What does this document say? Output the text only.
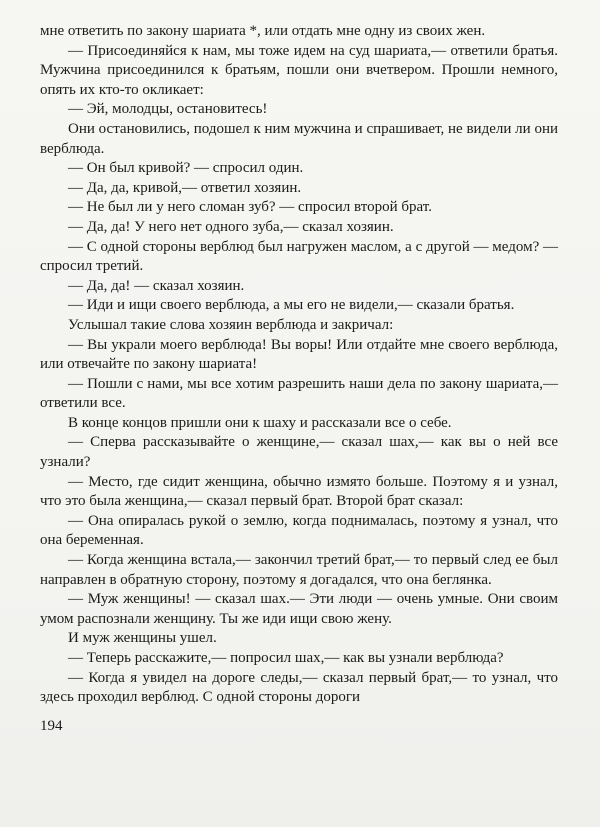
мне ответить по закону шариата *, или отдать мне одну из своих жен.

— Присоединяйся к нам, мы тоже идем на суд шариата,— ответили братья. Мужчина присоединился к братьям, пошли они вчетвером. Прошли немного, опять их кто-то окликает:

— Эй, молодцы, остановитесь!

Они остановились, подошел к ним мужчина и спрашивает, не видели ли они верблюда.

— Он был кривой? — спросил один.

— Да, да, кривой,— ответил хозяин.

— Не был ли у него сломан зуб? — спросил второй брат.

— Да, да! У него нет одного зуба,— сказал хозяин.

— С одной стороны верблюд был нагружен маслом, а с другой — медом? — спросил третий.

— Да, да! — сказал хозяин.

— Иди и ищи своего верблюда, а мы его не видели,— сказали братья.

Услышал такие слова хозяин верблюда и закричал:

— Вы украли моего верблюда! Вы воры! Или отдайте мне своего верблюда, или отвечайте по закону шариата!

— Пошли с нами, мы все хотим разрешить наши дела по закону шариата,— ответили все.

В конце концов пришли они к шаху и рассказали все о себе.

— Сперва рассказывайте о женщине,— сказал шах,— как вы о ней все узнали?

— Место, где сидит женщина, обычно измято больше. Поэтому я и узнал, что это была женщина,— сказал первый брат. Второй брат сказал:

— Она опиралась рукой о землю, когда поднималась, поэтому я узнал, что она беременная.

— Когда женщина встала,— закончил третий брат,— то первый след ее был направлен в обратную сторону, поэтому я догадался, что она беглянка.

— Муж женщины! — сказал шах.— Эти люди — очень умные. Они своим умом распознали женщину. Ты же иди ищи свою жену.

И муж женщины ушел.

— Теперь расскажите,— попросил шах,— как вы узнали верблюда?

— Когда я увидел на дороге следы,— сказал первый брат,— то узнал, что здесь проходил верблюд. С одной стороны дороги

194
